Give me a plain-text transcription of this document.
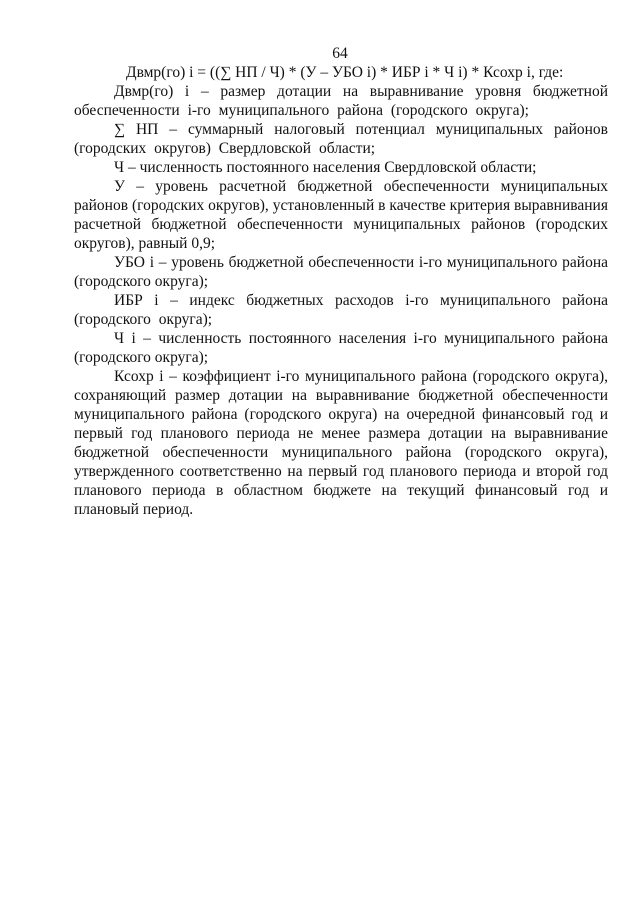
64

Двмр(го) i = ((∑ НП / Ч) * (У – УБО i) * ИБР i * Ч i) * Ксохр i, где:

Двмр(го) i – размер дотации на выравнивание уровня бюджетной обеспеченности i-го муниципального района (городского округа);

∑ НП – суммарный налоговый потенциал муниципальных районов (городских округов) Свердловской области;

Ч – численность постоянного населения Свердловской области;

У – уровень расчетной бюджетной обеспеченности муниципальных районов (городских округов), установленный в качестве критерия выравнивания расчетной бюджетной обеспеченности муниципальных районов (городских округов), равный 0,9;

УБО i – уровень бюджетной обеспеченности i-го муниципального района (городского округа);

ИБР i – индекс бюджетных расходов i-го муниципального района (городского округа);

Ч i – численность постоянного населения i-го муниципального района (городского округа);

Ксохр i – коэффициент i-го муниципального района (городского округа), сохраняющий размер дотации на выравнивание бюджетной обеспеченности муниципального района (городского округа) на очередной финансовый год и первый год планового периода не менее размера дотации на выравнивание бюджетной обеспеченности муниципального района (городского округа), утвержденного соответственно на первый год планового периода и второй год планового периода в областном бюджете на текущий финансовый год и плановый период.
